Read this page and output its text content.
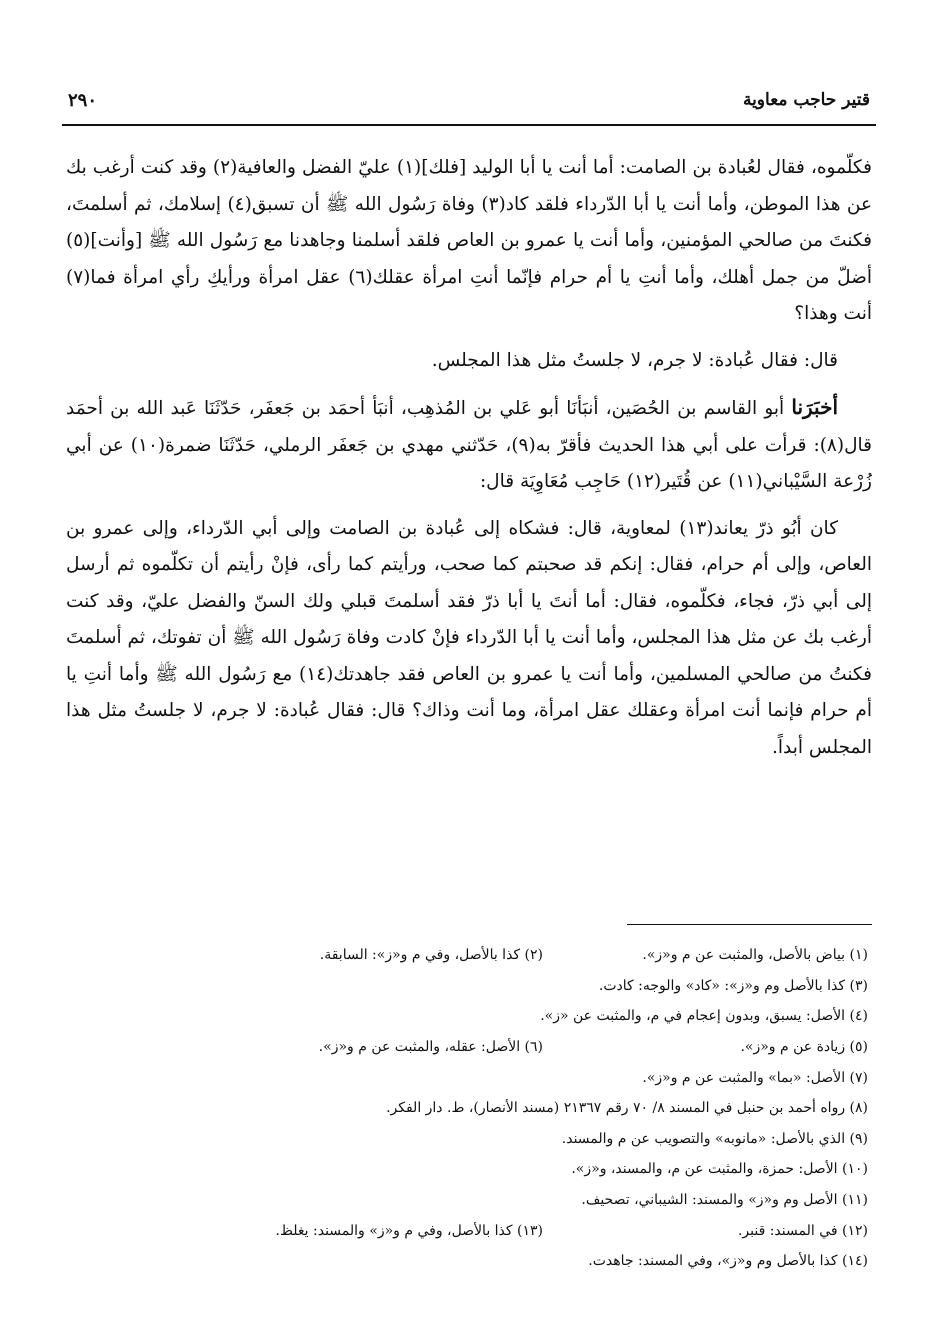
قتير حاجب معاوية
٢٩٠

فكلّموه، فقال لعُبادة بن الصامت: أما أنت يا أبا الوليد [فلك](١) عليّ الفضل والعافية(٢) وقد كنت أرغب بك عن هذا الموطن، وأما أنت يا أبا الدّرداء فلقد كاد(٣) وفاة رَسُول الله ﷺ أن تسبق(٤) إسلامك، ثم أسلمتَ، فكنتَ من صالحي المؤمنين، وأما أنت يا عمرو بن العاص فلقد أسلمنا وجاهدنا مع رَسُول الله ﷺ [وأنت](٥) أضلّ من جمل أهلك، وأما أنتِ يا أم حرام فإنّما أنتِ امرأة عقلك(٦) عقل امرأة ورأيكِ رأي امرأة فما(٧) أنت وهذا؟

قال: فقال عُبادة: لا جرم، لا جلستُ مثل هذا المجلس.

أخبَرَنا أبو القاسم بن الحُصَين، أنبَأنَا أبو عَلي بن المُذهِب، أنبَأ أحمَد بن جَعفَر، حَدّثَنَا عَبد الله بن أحمَد قال(٨): قرأت على أبي هذا الحديث فأقرّ به(٩)، حَدّثني مهدي بن جَعفَر الرملي، حَدّثَنَا ضمرة(١٠) عن أبي زُرْعة السَّيْباني(١١) عن قُتَير(١٢) حَاجِب مُعَاوِيَة قال:

كان أبُو ذرّ يعاند(١٣) لمعاوية، قال: فشكاه إلى عُبادة بن الصامت وإلى أبي الدّرداء، وإلى عمرو بن العاص، وإلى أم حرام، فقال: إنكم قد صحبتم كما صحب، ورأيتم كما رأى، فإنْ رأيتم أن تكلّموه ثم أرسل إلى أبي ذرّ، فجاء، فكلّموه، فقال: أما أنتَ يا أبا ذرّ فقد أسلمتَ قبلي ولك السنّ والفضل عليّ، وقد كنت أرغب بك عن مثل هذا المجلس، وأما أنت يا أبا الدّرداء فإنْ كادت وفاة رَسُول الله ﷺ أن تفوتك، ثم أسلمتَ فكنتُ من صالحي المسلمين، وأما أنت يا عمرو بن العاص فقد جاهدتك(١٤) مع رَسُول الله ﷺ وأما أنتِ يا أم حرام فإنما أنت امرأة وعقلك عقل امرأة، وما أنت وذاك؟ قال: فقال عُبادة: لا جرم، لا جلستُ مثل هذا المجلس أبداً.

(١) بياض بالأصل، والمثبت عن م و«ز».
(٢) كذا بالأصل، وفي م و«ز»: السابقة.
(٣) كذا بالأصل وم و«ز»: «كاد» والوجه: كادت.
(٤) الأصل: يسبق، وبدون إعجام في م، والمثبت عن «ز».
(٥) زيادة عن م و«ز».
(٦) الأصل: عقله، والمثبت عن م و«ز».
(٧) الأصل: «بما» والمثبت عن م و«ز».
(٨) رواه أحمد بن حنبل في المسند ٨/ ٧٠ رقم ٢١٣٦٧ (مسند الأنصار)، ط. دار الفكر.
(٩) الذي بالأصل: «مانوبه» والتصويب عن م والمسند.
(١٠) الأصل: حمزة، والمثبت عن م، والمسند، و«ز».
(١١) الأصل وم و«ز» والمسند: الشيباني، تصحيف.
(١٢) في المسند: قنبر.
(١٣) كذا بالأصل، وفي م و«ز» والمسند: يغلظ.
(١٤) كذا بالأصل وم و«ز»، وفي المسند: جاهدت.
